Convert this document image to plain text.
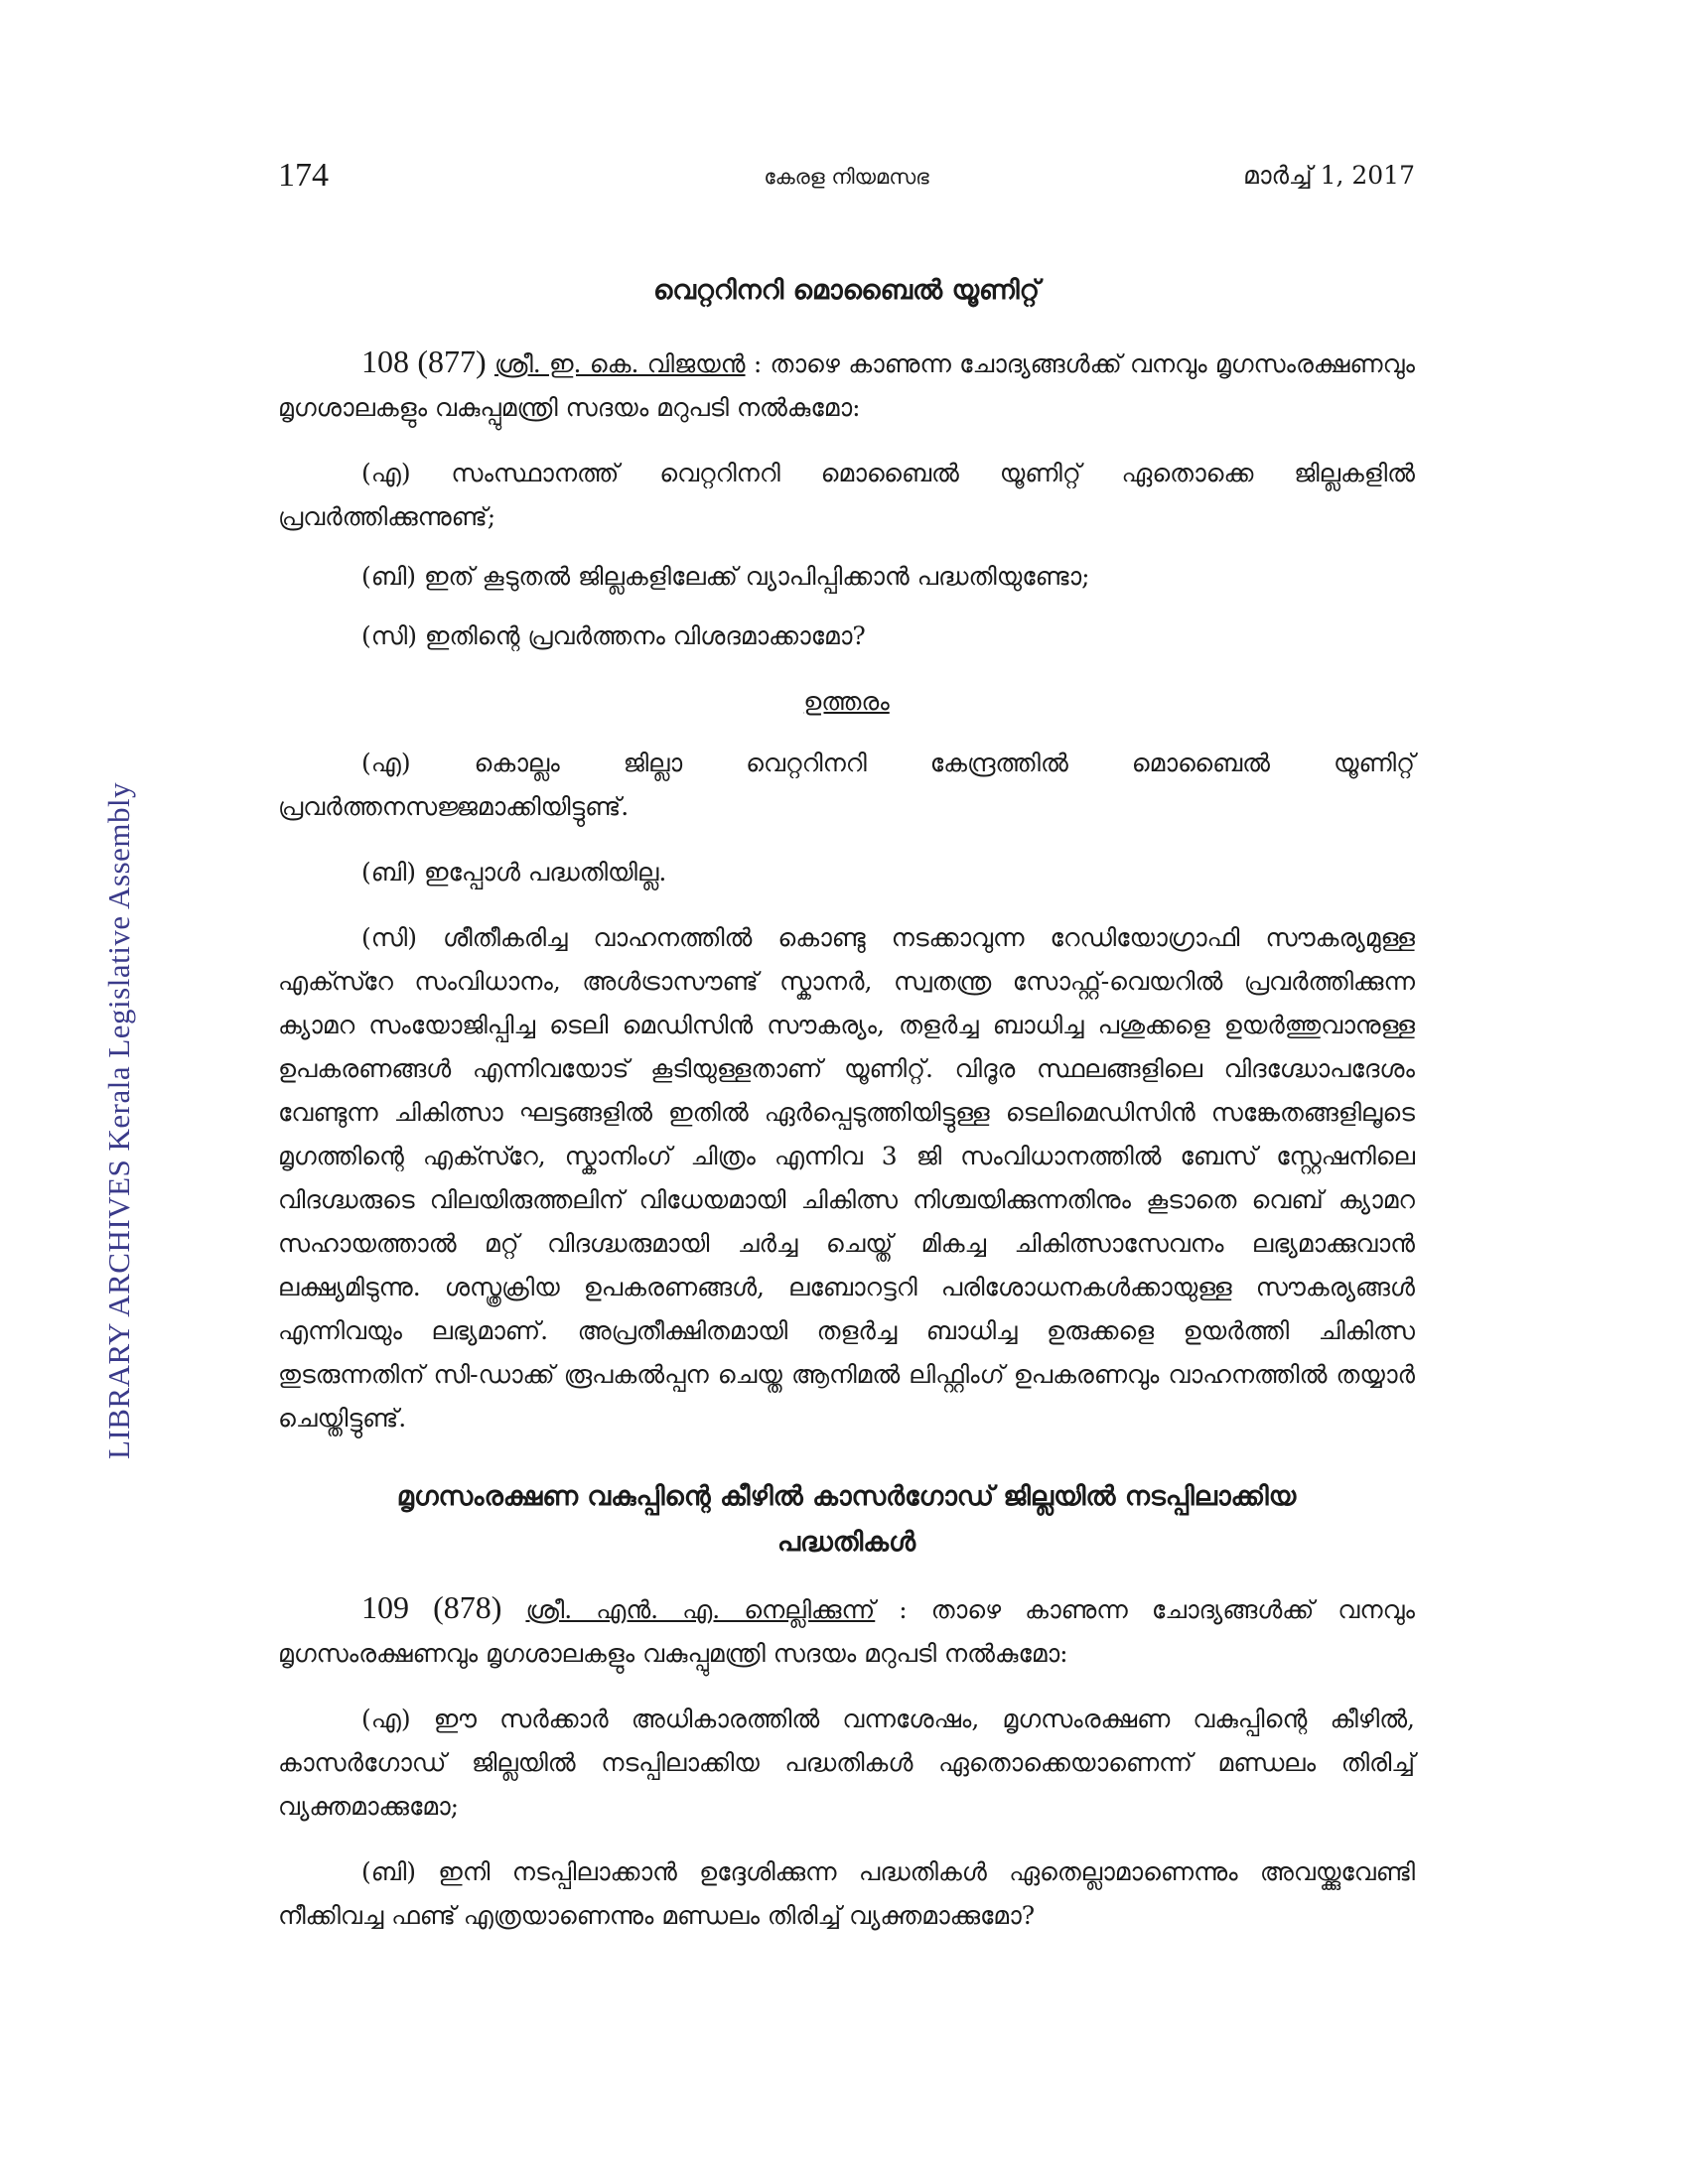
LIBRARY ARCHIVES Kerala Legislative Assembly
174	കേരള നിയമസഭ	മാർച്ച് 1, 2017
വെറ്ററിനറി മൊബൈൽ യൂണിറ്റ്

108 (877) ശ്രീ. ഇ. കെ. വിജയൻ : താഴെ കാണുന്ന ചോദ്യങ്ങൾക്ക് വനവും മൃഗസംരക്ഷണവും മൃഗശാലകളും വകുപ്പുമന്ത്രി സദയം മറുപടി നൽകുമോ:

(എ) സംസ്ഥാനത്ത് വെറ്ററിനറി മൊബൈൽ യൂണിറ്റ് ഏതൊക്കെ ജില്ലകളിൽ പ്രവർത്തിക്കുന്നുണ്ട്;

(ബി) ഇത് കൂടുതൽ ജില്ലകളിലേക്ക് വ്യാപിപ്പിക്കാൻ പദ്ധതിയുണ്ടോ;

(സി) ഇതിന്റെ പ്രവർത്തനം വിശദമാക്കാമോ?

ഉത്തരം

(എ) കൊല്ലം ജില്ലാ വെറ്ററിനറി കേന്ദ്രത്തിൽ മൊബൈൽ യൂണിറ്റ് പ്രവർത്തനസജ്ജമാക്കിയിട്ടുണ്ട്.

(ബി) ഇപ്പോൾ പദ്ധതിയില്ല.

(സി) ശീതീകരിച്ച വാഹനത്തിൽ കൊണ്ടു നടക്കാവുന്ന റേഡിയോഗ്രാഫി സൗകര്യമുള്ള എക്സ്റേ സംവിധാനം, അൾട്രാസൗണ്ട് സ്കാനർ, സ്വതന്ത്ര സോഫ്റ്റ്-വെയറിൽ പ്രവർത്തിക്കുന്ന ക്യാമറ സംയോജിപ്പിച്ച ടെലി മെഡിസിൻ സൗകര്യം, തളർച്ച ബാധിച്ച പശുക്കളെ ഉയർത്തുവാനുള്ള ഉപകരണങ്ങൾ എന്നിവയോട് കൂടിയുള്ളതാണ് യൂണിറ്റ്. വിദൂര സ്ഥലങ്ങളിലെ വിദഗ്ദ്ധോപദേശം വേണ്ടുന്ന ചികിത്സാ ഘട്ടങ്ങളിൽ ഇതിൽ ഏർപ്പെടുത്തിയിട്ടുള്ള ടെലിമെഡിസിൻ സങ്കേതങ്ങളിലൂടെ മൃഗത്തിന്റെ എക്സ്റേ, സ്കാനിംഗ് ചിത്രം എന്നിവ 3 ജി സംവിധാനത്തിൽ ബേസ് സ്റ്റേഷനിലെ വിദഗ്ദ്ധരുടെ വിലയിരുത്തലിന് വിധേയമായി ചികിത്സ നിശ്ചയിക്കുന്നതിനും കൂടാതെ വെബ് ക്യാമറ സഹായത്താൽ മറ്റ് വിദഗ്ദ്ധരുമായി ചർച്ച ചെയ്ത് മികച്ച ചികിത്സാസേവനം ലഭ്യമാക്കുവാൻ ലക്ഷ്യമിടുന്നു. ശസ്ത്രക്രിയ ഉപകരണങ്ങൾ, ലബോറട്ടറി പരിശോധനകൾക്കായുള്ള സൗകര്യങ്ങൾ എന്നിവയും ലഭ്യമാണ്. അപ്രതീക്ഷിതമായി തളർച്ച ബാധിച്ച ഉരുക്കളെ ഉയർത്തി ചികിത്സ തുടരുന്നതിന് സി-ഡാക്ക് രൂപകൽപ്പന ചെയ്ത ആനിമൽ ലിഫ്റ്റിംഗ് ഉപകരണവും വാഹനത്തിൽ തയ്യാർ ചെയ്തിട്ടുണ്ട്.

മൃഗസംരക്ഷണ വകുപ്പിന്റെ കീഴിൽ കാസർഗോഡ് ജില്ലയിൽ നടപ്പിലാക്കിയ
പദ്ധതികൾ

109 (878) ശ്രീ. എൻ. എ. നെല്ലിക്കുന്ന് : താഴെ കാണുന്ന ചോദ്യങ്ങൾക്ക് വനവും മൃഗസംരക്ഷണവും മൃഗശാലകളും വകുപ്പുമന്ത്രി സദയം മറുപടി നൽകുമോ:

(എ) ഈ സർക്കാർ അധികാരത്തിൽ വന്നശേഷം, മൃഗസംരക്ഷണ വകുപ്പിന്റെ കീഴിൽ, കാസർഗോഡ് ജില്ലയിൽ നടപ്പിലാക്കിയ പദ്ധതികൾ ഏതൊക്കെയാണെന്ന് മണ്ഡലം തിരിച്ച് വ്യക്തമാക്കുമോ;

(ബി) ഇനി നടപ്പിലാക്കാൻ ഉദ്ദേശിക്കുന്ന പദ്ധതികൾ ഏതെല്ലാമാണെന്നും അവയ്ക്കുവേണ്ടി നീക്കിവച്ച ഫണ്ട് എത്രയാണെന്നും മണ്ഡലം തിരിച്ച് വ്യക്തമാക്കുമോ?
